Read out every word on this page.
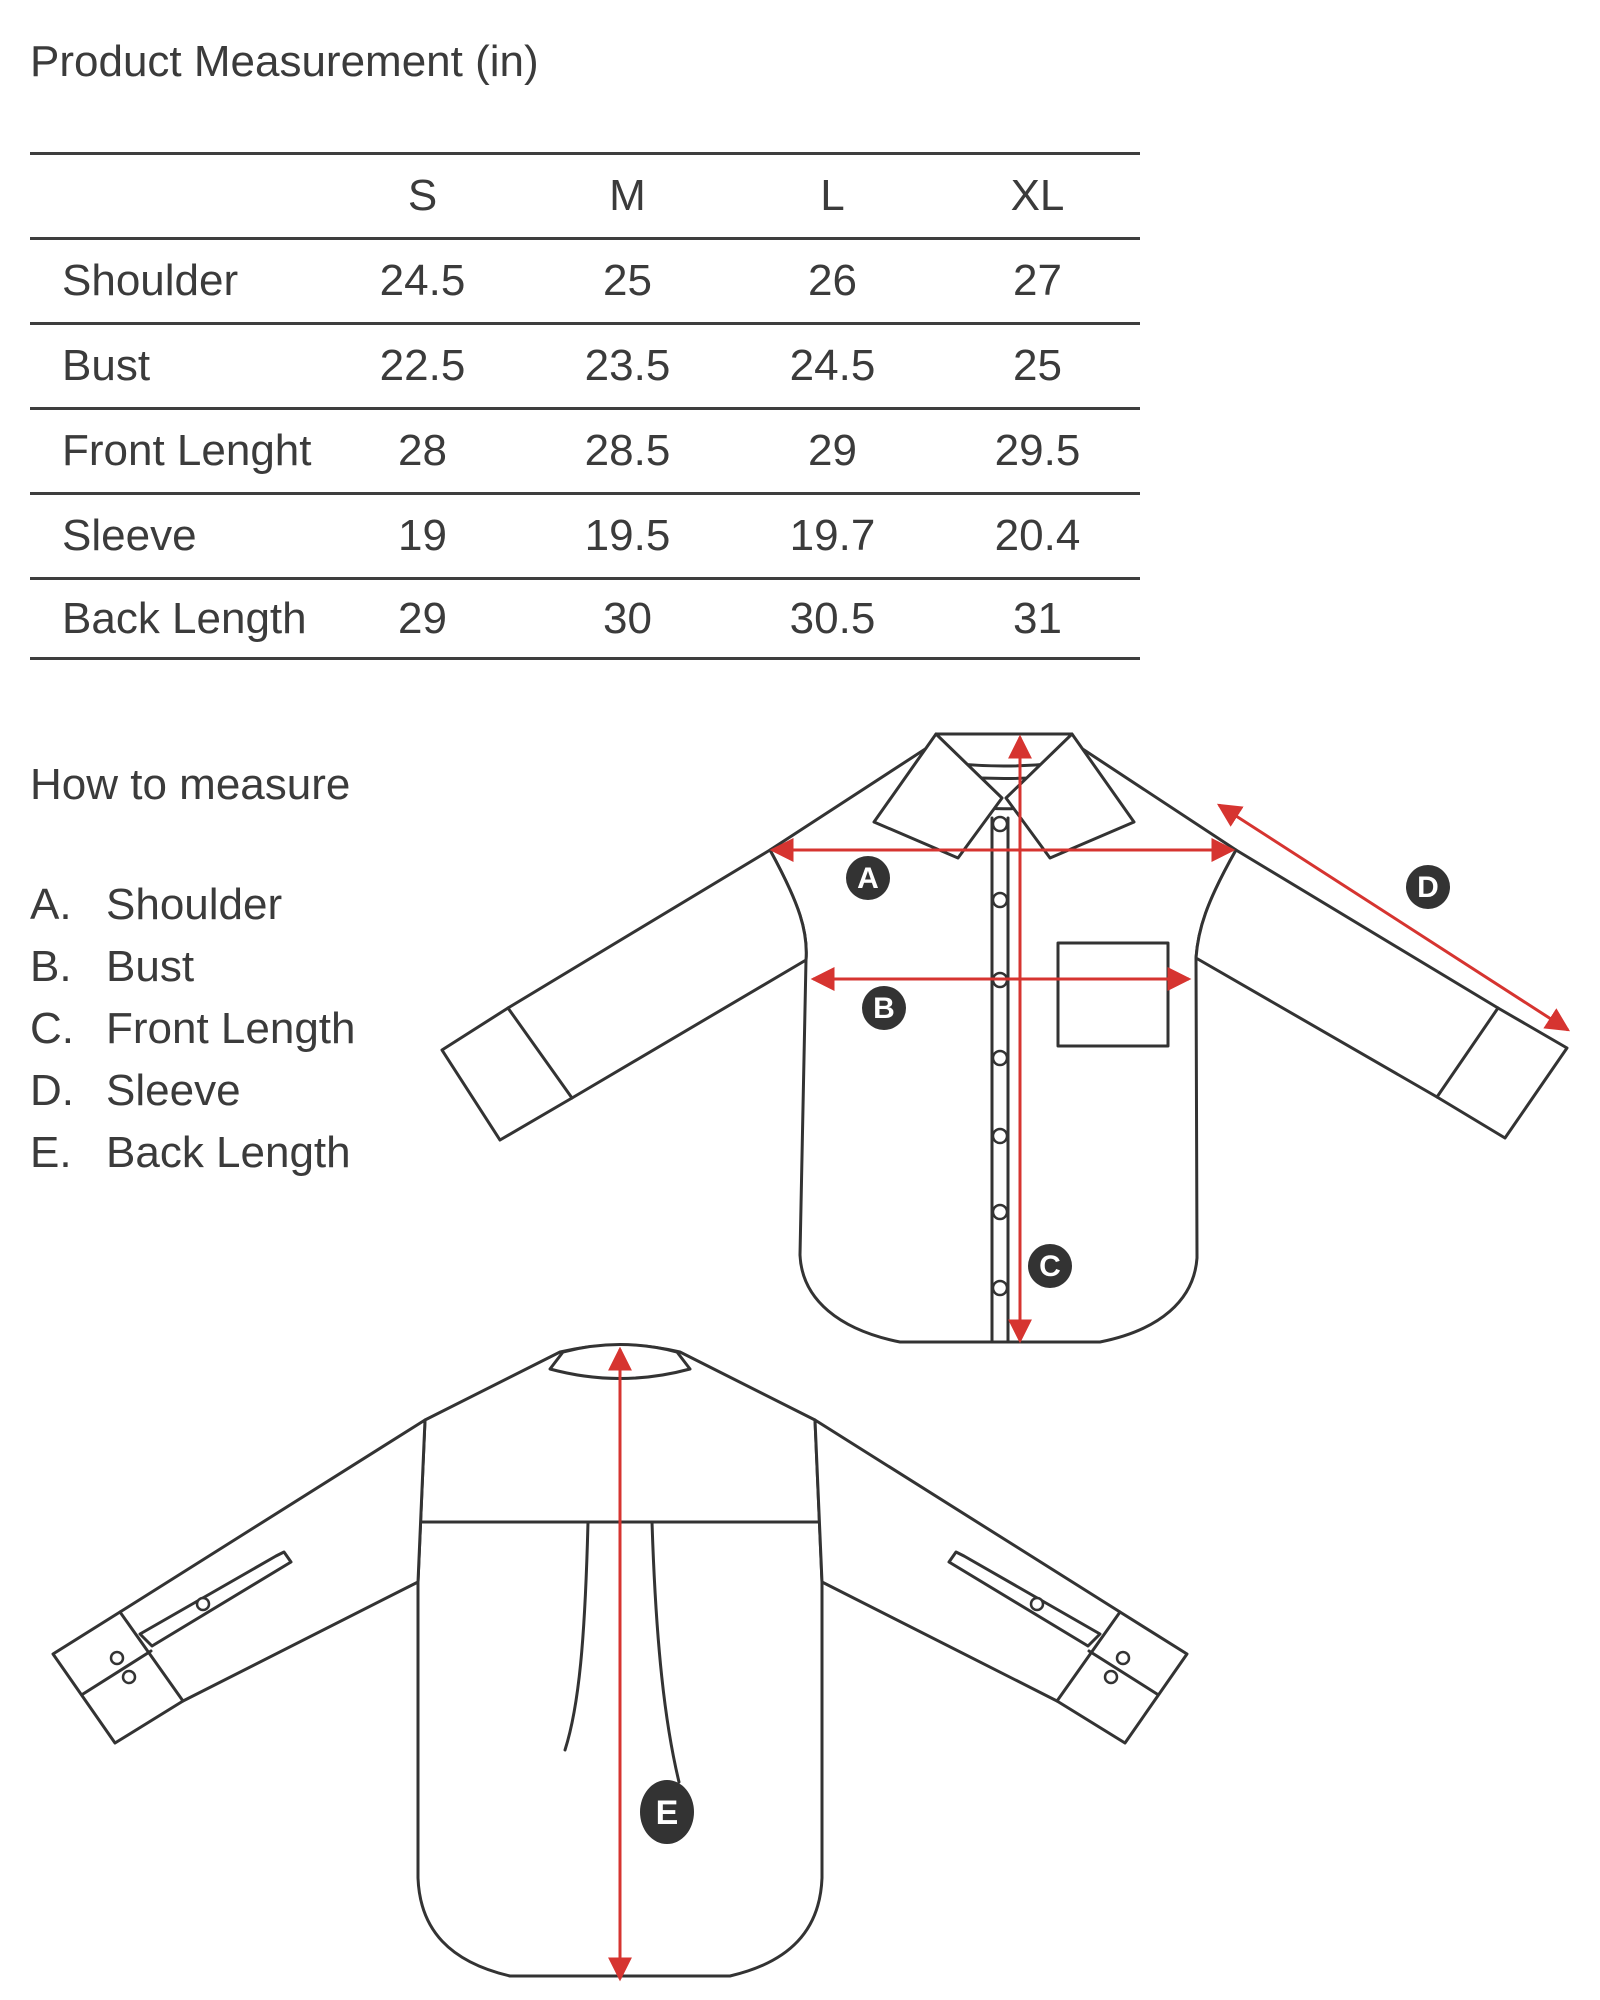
Product Measurement (in)
	S	M	L	XL
Shoulder	24.5	25	26	27
Bust	22.5	23.5	24.5	25
Front Lenght	28	28.5	29	29.5
Sleeve	19	19.5	19.7	20.4
Back Length	29	30	30.5	31
How to measure
A. Shoulder
B. Bust
C. Front Length
D. Sleeve
E. Back Length
A
B
C
D
E
